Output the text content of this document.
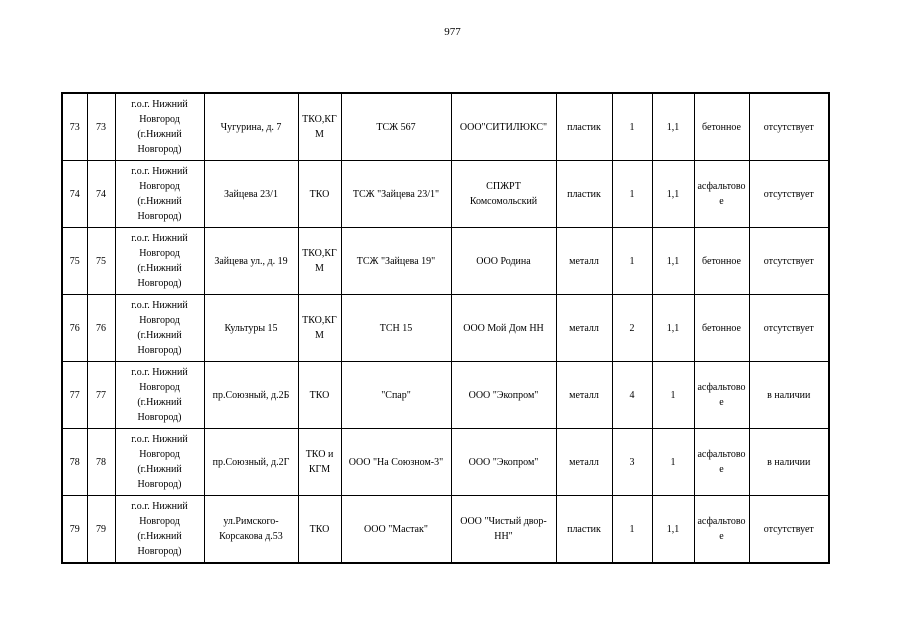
977
73	73	г.о.г. Нижний Новгород (г.Нижний Новгород)	Чугурина, д. 7	ТКО,КГМ	ТСЖ 567	ООО"СИТИЛЮКС"	пластик	1	1,1	бетонное	отсутствует
74	74	г.о.г. Нижний Новгород (г.Нижний Новгород)	Зайцева 23/1	ТКО	ТСЖ "Зайцева 23/1"	СПЖРТ Комсомольский	пластик	1	1,1	асфальтовое	отсутствует
75	75	г.о.г. Нижний Новгород (г.Нижний Новгород)	Зайцева ул., д. 19	ТКО,КГМ	ТСЖ "Зайцева 19"	ООО Родина	металл	1	1,1	бетонное	отсутствует
76	76	г.о.г. Нижний Новгород (г.Нижний Новгород)	Культуры 15	ТКО,КГМ	ТСН 15	ООО Мой Дом НН	металл	2	1,1	бетонное	отсутствует
77	77	г.о.г. Нижний Новгород (г.Нижний Новгород)	пр.Союзный, д.2Б	ТКО	"Спар"	ООО "Экопром"	металл	4	1	асфальтовое	в наличии
78	78	г.о.г. Нижний Новгород (г.Нижний Новгород)	пр.Союзный, д.2Г	ТКО и КГМ	ООО "На Союзном-3"	ООО "Экопром"	металл	3	1	асфальтовое	в наличии
79	79	г.о.г. Нижний Новгород (г.Нижний Новгород)	ул.Римского-Корсакова д.53	ТКО	ООО "Мастак"	ООО "Чистый двор-НН"	пластик	1	1,1	асфальтовое	отсутствует
